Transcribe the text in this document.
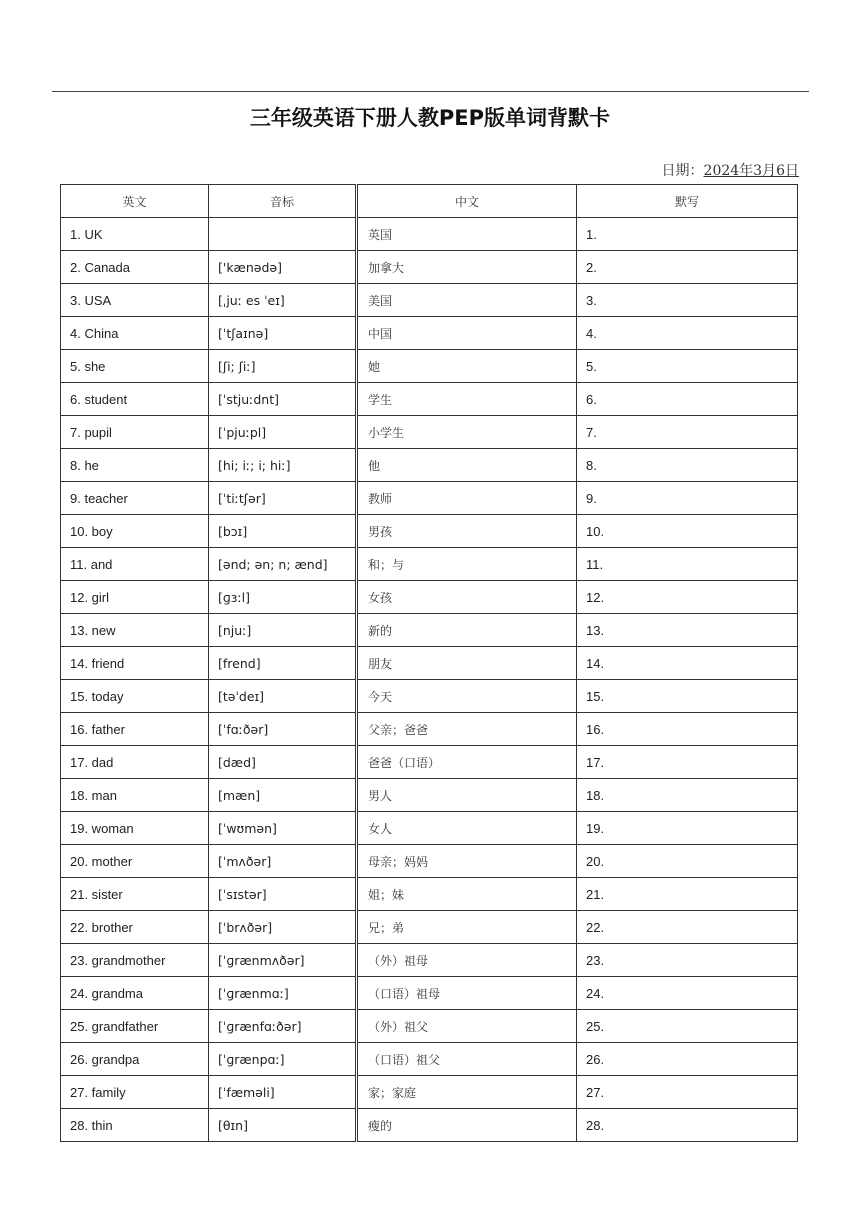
三年级英语下册人教PEP版单词背默卡
日期：2024年3月6日
英文	音标	中文	默写
1. UK		英国	1.
2. Canada	['kænədə]	加拿大	2.
3. USA	[ˌjuː es ˈeɪ]	美国	3.
4. China	[ˈtʃaɪnə]	中国	4.
5. she	[ʃi; ʃiː]	她	5.
6. student	[ˈstjuːdnt]	学生	6.
7. pupil	[ˈpjuːpl]	小学生	7.
8. he	[hi; iː; i; hiː]	他	8.
9. teacher	[ˈtiːtʃər]	教师	9.
10. boy	[bɔɪ]	男孩	10.
11. and	[ənd; ən; n; ænd]	和；与	11.
12. girl	[ɡɜːl]	女孩	12.
13. new	[njuː]	新的	13.
14. friend	[frend]	朋友	14.
15. today	[təˈdeɪ]	今天	15.
16. father	[ˈfɑːðər]	父亲；爸爸	16.
17. dad	[dæd]	爸爸（口语）	17.
18. man	[mæn]	男人	18.
19. woman	[ˈwʊmən]	女人	19.
20. mother	[ˈmʌðər]	母亲；妈妈	20.
21. sister	[ˈsɪstər]	姐；妹	21.
22. brother	[ˈbrʌðər]	兄；弟	22.
23. grandmother	[ˈɡrænmʌðər]	（外）祖母	23.
24. grandma	[ˈɡrænmɑː]	（口语）祖母	24.
25. grandfather	[ˈɡrænfɑːðər]	（外）祖父	25.
26. grandpa	[ˈɡrænpɑː]	（口语）祖父	26.
27. family	[ˈfæməli]	家；家庭	27.
28. thin	[θɪn]	瘦的	28.
